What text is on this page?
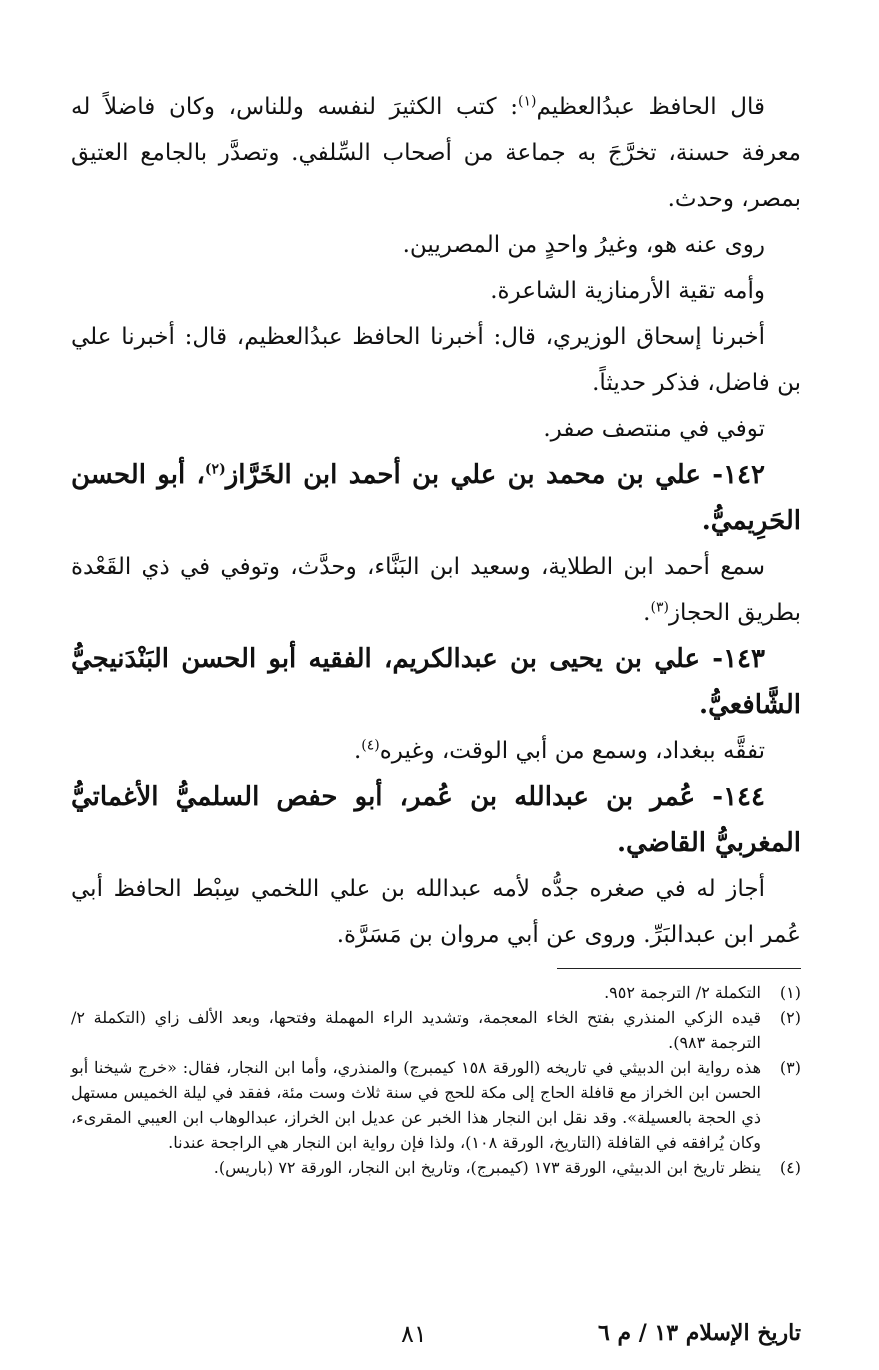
قال الحافظ عبدُالعظيم$^{(١)}$: كتب الكثيرَ لنفسه وللناس، وكان فاضلاً له معرفة حسنة، تخرَّجَ به جماعة من أصحاب السِّلفي. وتصدَّر بالجامع العتيق بمصر، وحدث.

روى عنه هو، وغيرُ واحدٍ من المصريين.

وأمه تقية الأرمنازية الشاعرة.

أخبرنا إسحاق الوزيري، قال: أخبرنا الحافظ عبدُالعظيم، قال: أخبرنا علي بن فاضل، فذكر حديثاً.

توفي في منتصف صفر.

١٤٢- علي بن محمد بن علي بن أحمد ابن الخَرَّاز$^{(٢)}$، أبو الحسن الحَرِيميُّ.

سمع أحمد ابن الطلاية، وسعيد ابن البَنَّاء، وحدَّث، وتوفي في ذي القَعْدة بطريق الحجاز$^{(٣)}$.

١٤٣- علي بن يحيى بن عبدالكريم، الفقيه أبو الحسن البَنْدَنيجيُّ الشَّافعيُّ.

تفقَّه ببغداد، وسمع من أبي الوقت، وغيره$^{(٤)}$.

١٤٤- عُمر بن عبدالله بن عُمر، أبو حفص السلميُّ الأغماتيُّ المغربيُّ القاضي.

أجاز له في صغره جدُّه لأمه عبدالله بن علي اللخمي سِبْط الحافظ أبي عُمر ابن عبدالبَرِّ. وروى عن أبي مروان بن مَسَرَّة.

(١)
التكملة ٢/ الترجمة ٩٥٢.
(٢)
قيده الزكي المنذري بفتح الخاء المعجمة، وتشديد الراء المهملة وفتحها، وبعد الألف زاي (التكملة ٢/ الترجمة ٩٨٣).
(٣)
هذه رواية ابن الدبيثي في تاريخه (الورقة ١٥٨ كيمبرج) والمنذري، وأما ابن النجار، فقال: «خرج شيخنا أبو الحسن ابن الخراز مع قافلة الحاج إلى مكة للحج في سنة ثلاث وست مئة، ففقد في ليلة الخميس مستهل ذي الحجة بالعسيلة». وقد نقل ابن النجار هذا الخبر عن عديل ابن الخراز، عبدالوهاب ابن العيبي المقرىء، وكان يُرافقه في القافلة (التاريخ، الورقة ١٠٨)، ولذا فإن رواية ابن النجار هي الراجحة عندنا.
(٤)
ينظر تاريخ ابن الدبيثي، الورقة ١٧٣ (كيمبرج)، وتاريخ ابن النجار، الورقة ٧٢ (باريس).
تاريخ الإسلام ١٣ / م ٦
٨١
